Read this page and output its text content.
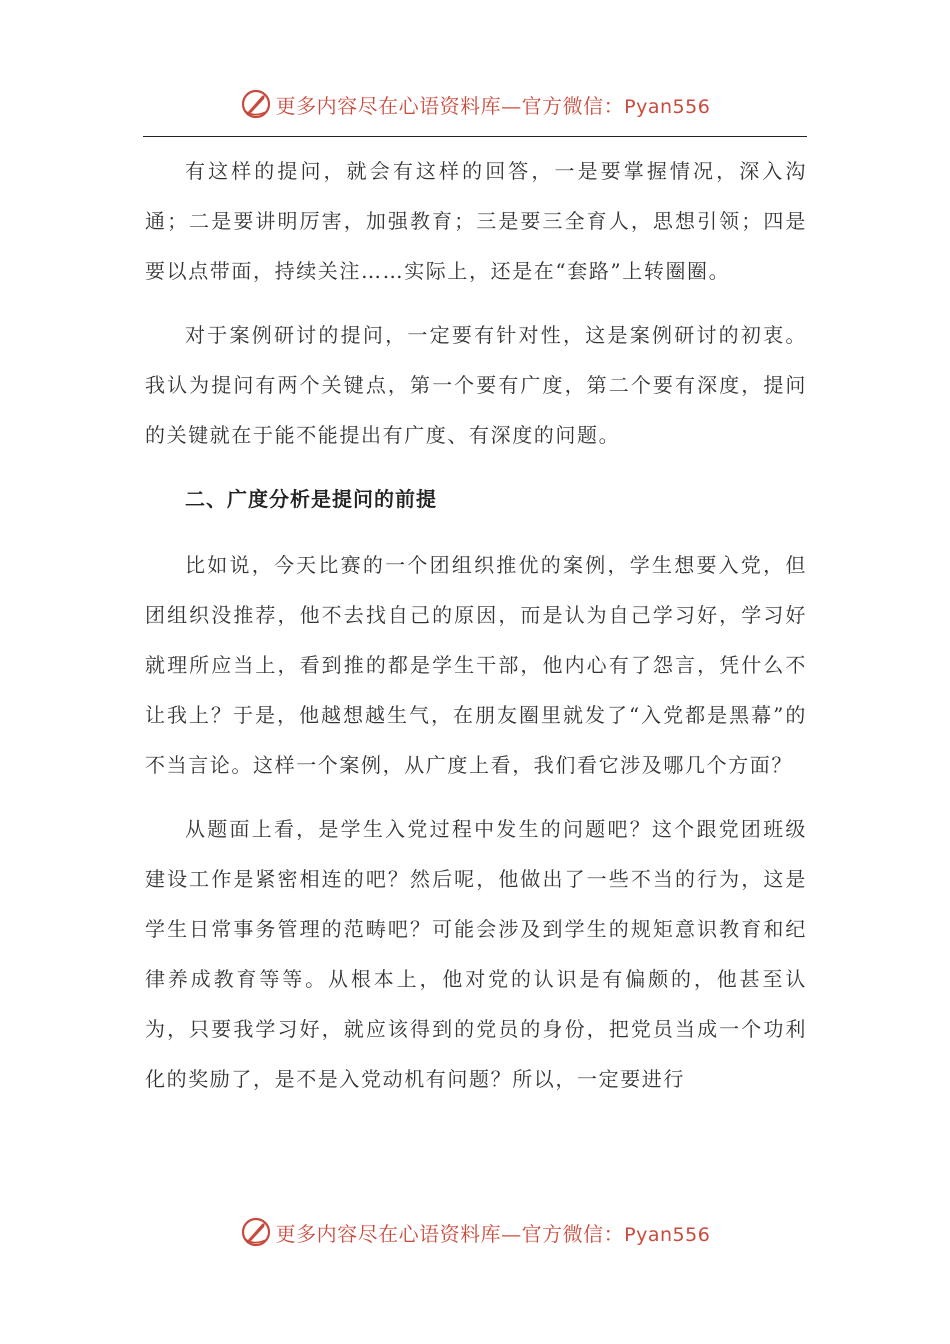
更多内容尽在心语资料库—官方微信：Pyan556

有这样的提问，就会有这样的回答，一是要掌握情况，深入沟通；二是要讲明厉害，加强教育；三是要三全育人，思想引领；四是要以点带面，持续关注……实际上，还是在“套路”上转圈圈。

对于案例研讨的提问，一定要有针对性，这是案例研讨的初衷。我认为提问有两个关键点，第一个要有广度，第二个要有深度，提问的关键就在于能不能提出有广度、有深度的问题。

二、广度分析是提问的前提

比如说，今天比赛的一个团组织推优的案例，学生想要入党，但团组织没推荐，他不去找自己的原因，而是认为自己学习好，学习好就理所应当上，看到推的都是学生干部，他内心有了怨言，凭什么不让我上？于是，他越想越生气，在朋友圈里就发了“入党都是黑幕”的不当言论。这样一个案例，从广度上看，我们看它涉及哪几个方面？

从题面上看，是学生入党过程中发生的问题吧？这个跟党团班级建设工作是紧密相连的吧？然后呢，他做出了一些不当的行为，这是学生日常事务管理的范畴吧？可能会涉及到学生的规矩意识教育和纪律养成教育等等。从根本上，他对党的认识是有偏颇的，他甚至认为，只要我学习好，就应该得到的党员的身份，把党员当成一个功利化的奖励了，是不是入党动机有问题？所以，一定要进行

更多内容尽在心语资料库—官方微信：Pyan556
